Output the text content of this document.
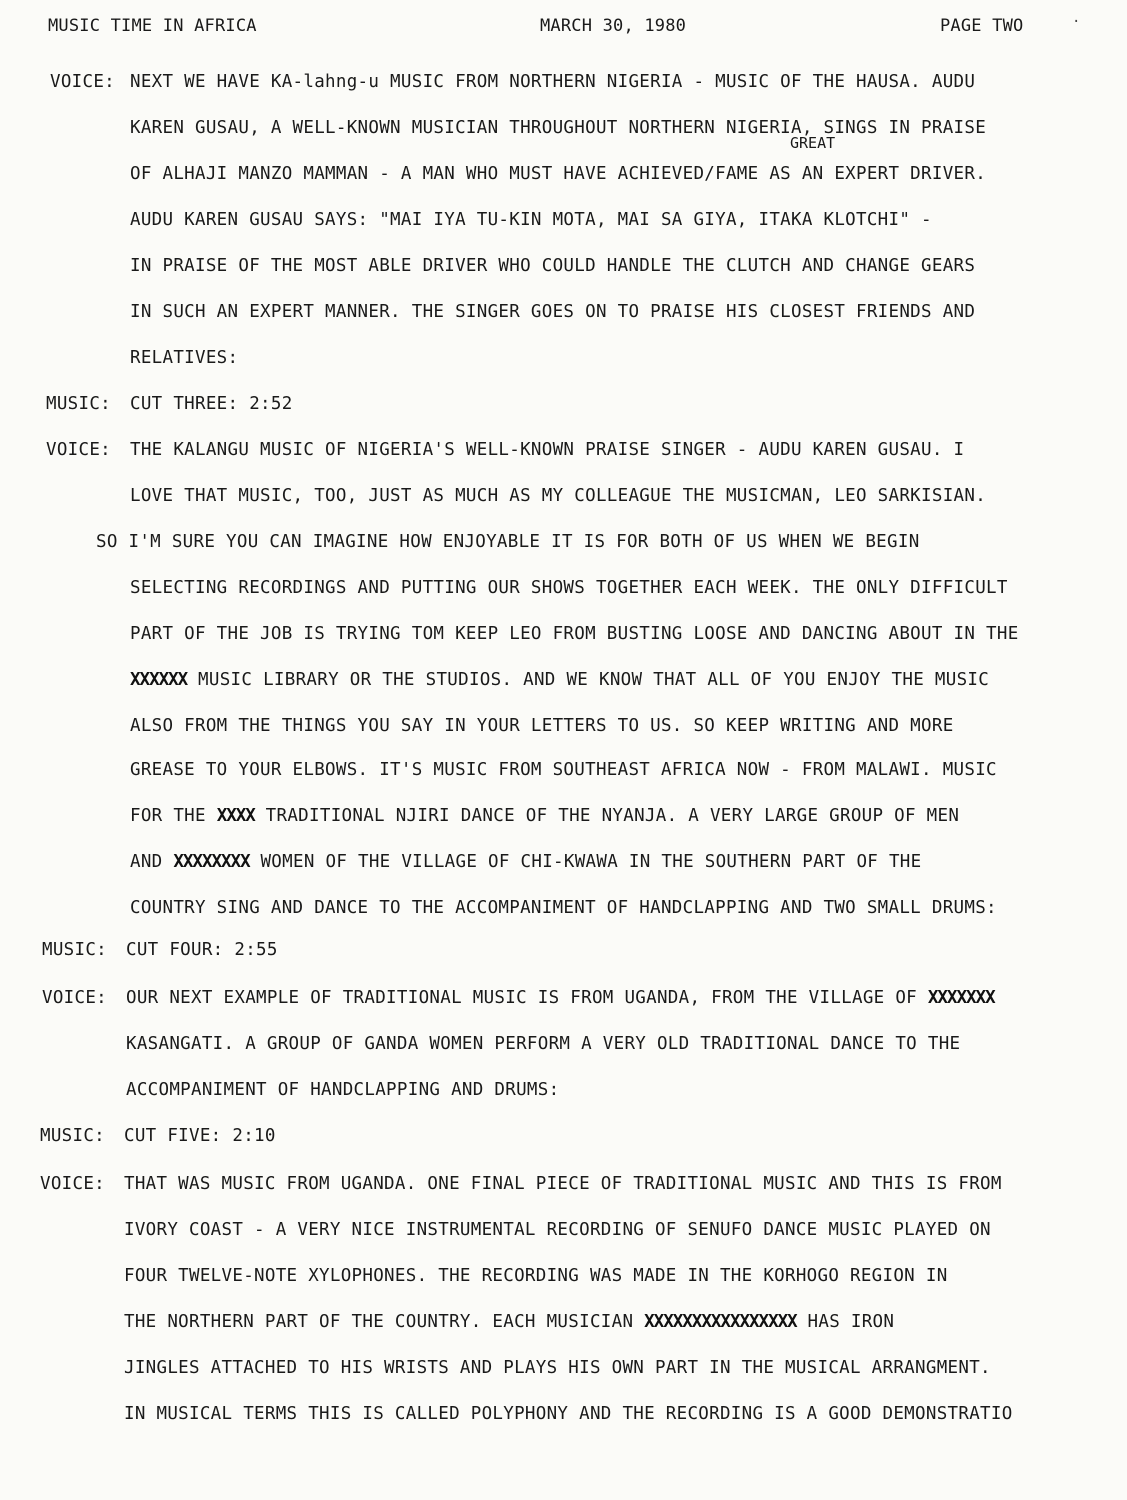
MUSIC TIME IN AFRICA	MARCH 30, 1980	PAGE TWO	·
VOICE: NEXT WE HAVE KA-lahng-u MUSIC FROM NORTHERN NIGERIA - MUSIC OF THE HAUSA. AUDU
KAREN GUSAU, A WELL-KNOWN MUSICIAN THROUGHOUT NORTHERN NIGERIA, SINGS IN PRAISE
OF ALHAJI MANZO MAMMAN - A MAN WHO MUST HAVE ACHIEVED/FAME AS AN EXPERT DRIVER.
AUDU KAREN GUSAU SAYS: "MAI IYA TU-KIN MOTA, MAI SA GIYA, ITAKA KLOTCHI" -
IN PRAISE OF THE MOST ABLE DRIVER WHO COULD HANDLE THE CLUTCH AND CHANGE GEARS
IN SUCH AN EXPERT MANNER. THE SINGER GOES ON TO PRAISE HIS CLOSEST FRIENDS AND
RELATIVES:
GREAT
MUSIC: CUT THREE: 2:52
VOICE: THE KALANGU MUSIC OF NIGERIA'S WELL-KNOWN PRAISE SINGER - AUDU KAREN GUSAU. I
LOVE THAT MUSIC, TOO, JUST AS MUCH AS MY COLLEAGUE THE MUSICMAN, LEO SARKISIAN.
SO I'M SURE YOU CAN IMAGINE HOW ENJOYABLE IT IS FOR BOTH OF US WHEN WE BEGIN
SELECTING RECORDINGS AND PUTTING OUR SHOWS TOGETHER EACH WEEK. THE ONLY DIFFICULT
PART OF THE JOB IS TRYING TOM KEEP LEO FROM BUSTING LOOSE AND DANCING ABOUT IN THE
XXXXXX MUSIC LIBRARY OR THE STUDIOS. AND WE KNOW THAT ALL OF YOU ENJOY THE MUSIC
ALSO FROM THE THINGS YOU SAY IN YOUR LETTERS TO US. SO KEEP WRITING AND MORE
GREASE TO YOUR ELBOWS. IT'S MUSIC FROM SOUTHEAST AFRICA NOW - FROM MALAWI. MUSIC
FOR THE XXXX TRADITIONAL NJIRI DANCE OF THE NYANJA. A VERY LARGE GROUP OF MEN
AND XXXXXXXX WOMEN OF THE VILLAGE OF CHI-KWAWA IN THE SOUTHERN PART OF THE
COUNTRY SING AND DANCE TO THE ACCOMPANIMENT OF HANDCLAPPING AND TWO SMALL DRUMS:
MUSIC: CUT FOUR: 2:55
VOICE: OUR NEXT EXAMPLE OF TRADITIONAL MUSIC IS FROM UGANDA, FROM THE VILLAGE OF XXXXXXX
KASANGATI. A GROUP OF GANDA WOMEN PERFORM A VERY OLD TRADITIONAL DANCE TO THE
ACCOMPANIMENT OF HANDCLAPPING AND DRUMS:
MUSIC: CUT FIVE: 2:10
VOICE: THAT WAS MUSIC FROM UGANDA. ONE FINAL PIECE OF TRADITIONAL MUSIC AND THIS IS FROM
IVORY COAST - A VERY NICE INSTRUMENTAL RECORDING OF SENUFO DANCE MUSIC PLAYED ON
FOUR TWELVE-NOTE XYLOPHONES. THE RECORDING WAS MADE IN THE KORHOGO REGION IN
THE NORTHERN PART OF THE COUNTRY. EACH MUSICIAN XXXXXXXXXXXXXXXX HAS IRON
JINGLES ATTACHED TO HIS WRISTS AND PLAYS HIS OWN PART IN THE MUSICAL ARRANGMENT.
IN MUSICAL TERMS THIS IS CALLED POLYPHONY AND THE RECORDING IS A GOOD DEMONSTRATIO
